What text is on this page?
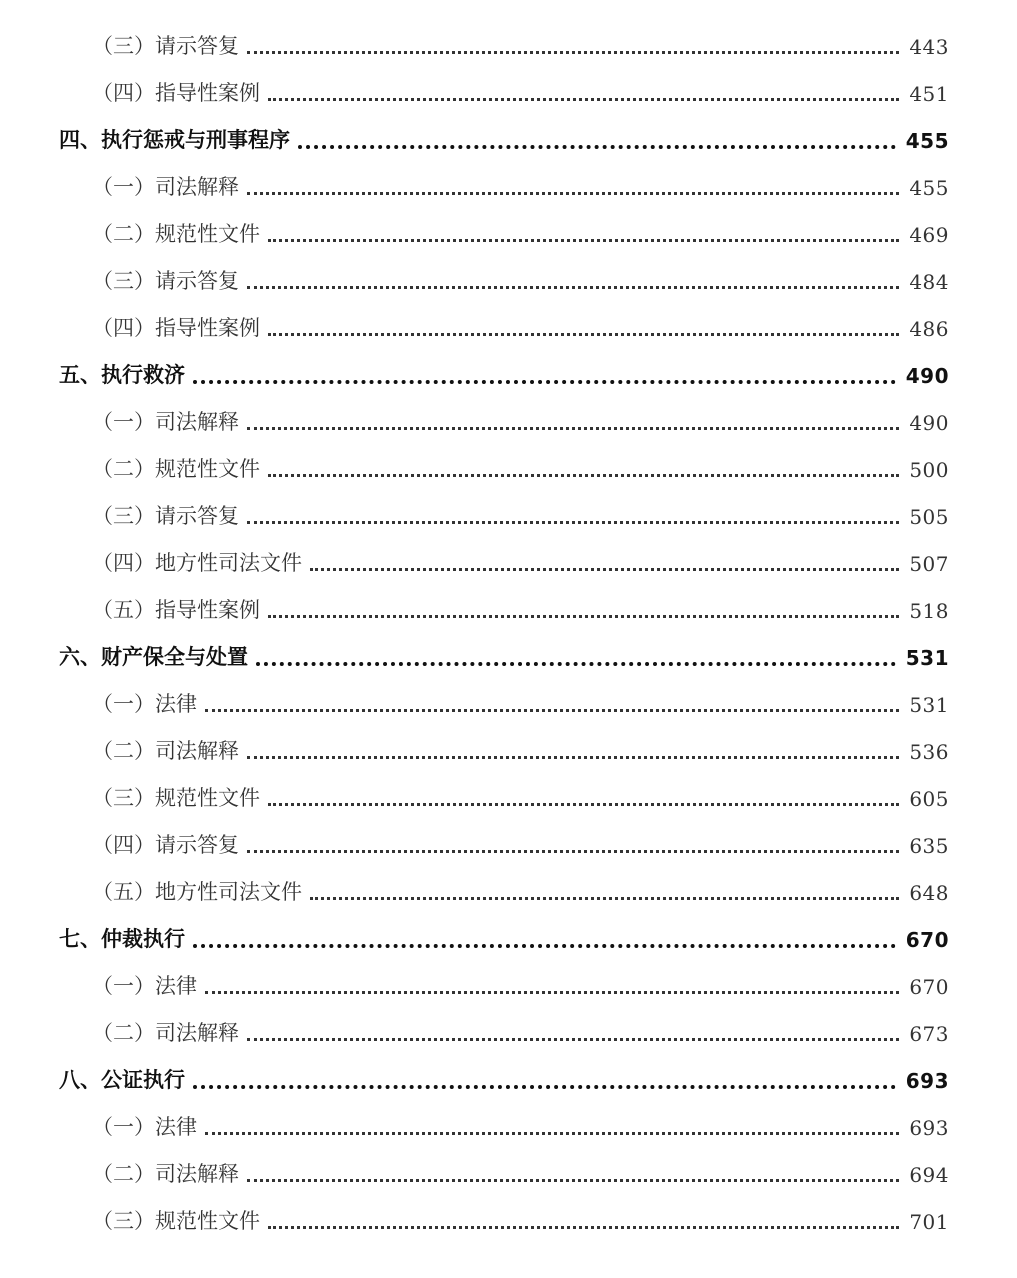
（三）请示答复	443
（四）指导性案例	451
四、执行惩戒与刑事程序	455
（一）司法解释	455
（二）规范性文件	469
（三）请示答复	484
（四）指导性案例	486
五、执行救济	490
（一）司法解释	490
（二）规范性文件	500
（三）请示答复	505
（四）地方性司法文件	507
（五）指导性案例	518
六、财产保全与处置	531
（一）法律	531
（二）司法解释	536
（三）规范性文件	605
（四）请示答复	635
（五）地方性司法文件	648
七、仲裁执行	670
（一）法律	670
（二）司法解释	673
八、公证执行	693
（一）法律	693
（二）司法解释	694
（三）规范性文件	701
